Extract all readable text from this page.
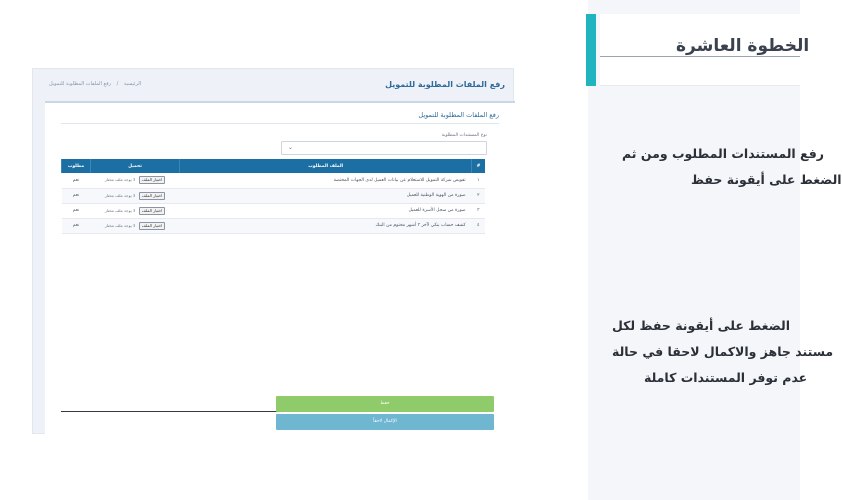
رفع الملفات المطلوبة للتمويل
الرئيسية / رفع الملفات المطلوبة للتمويل
رفع الملفات المطلوبة للتمويل
نوع المستندات المطلوبة
⌄
#	الملف المطلوب	تحميل	مطلوب
١	تفويض شركة التمويل للاستعلام عن بيانات العميل لدى الجهات المختصة	اختيار الملف لا يوجد ملف مختار	نعم
٢	صورة من الهوية الوطنية للعميل	اختيار الملف لا يوجد ملف مختار	نعم
٣	صورة من سجل الأسرة للعميل	اختيار الملف لا يوجد ملف مختار	نعم
٤	كشف حساب بنكي لآخر ٣ أشهر مختوم من البنك	اختيار الملف لا يوجد ملف مختار	نعم
حفظ
الإكمال لاحقاً
الخطوة العاشرة
رفع المستندات المطلوب ومن ثم
الضغط على أيقونة حفظ
الضغط على أيقونة حفظ لكل
مستند جاهز والاكمال لاحقا في حالة
عدم توفر المستندات كاملة
